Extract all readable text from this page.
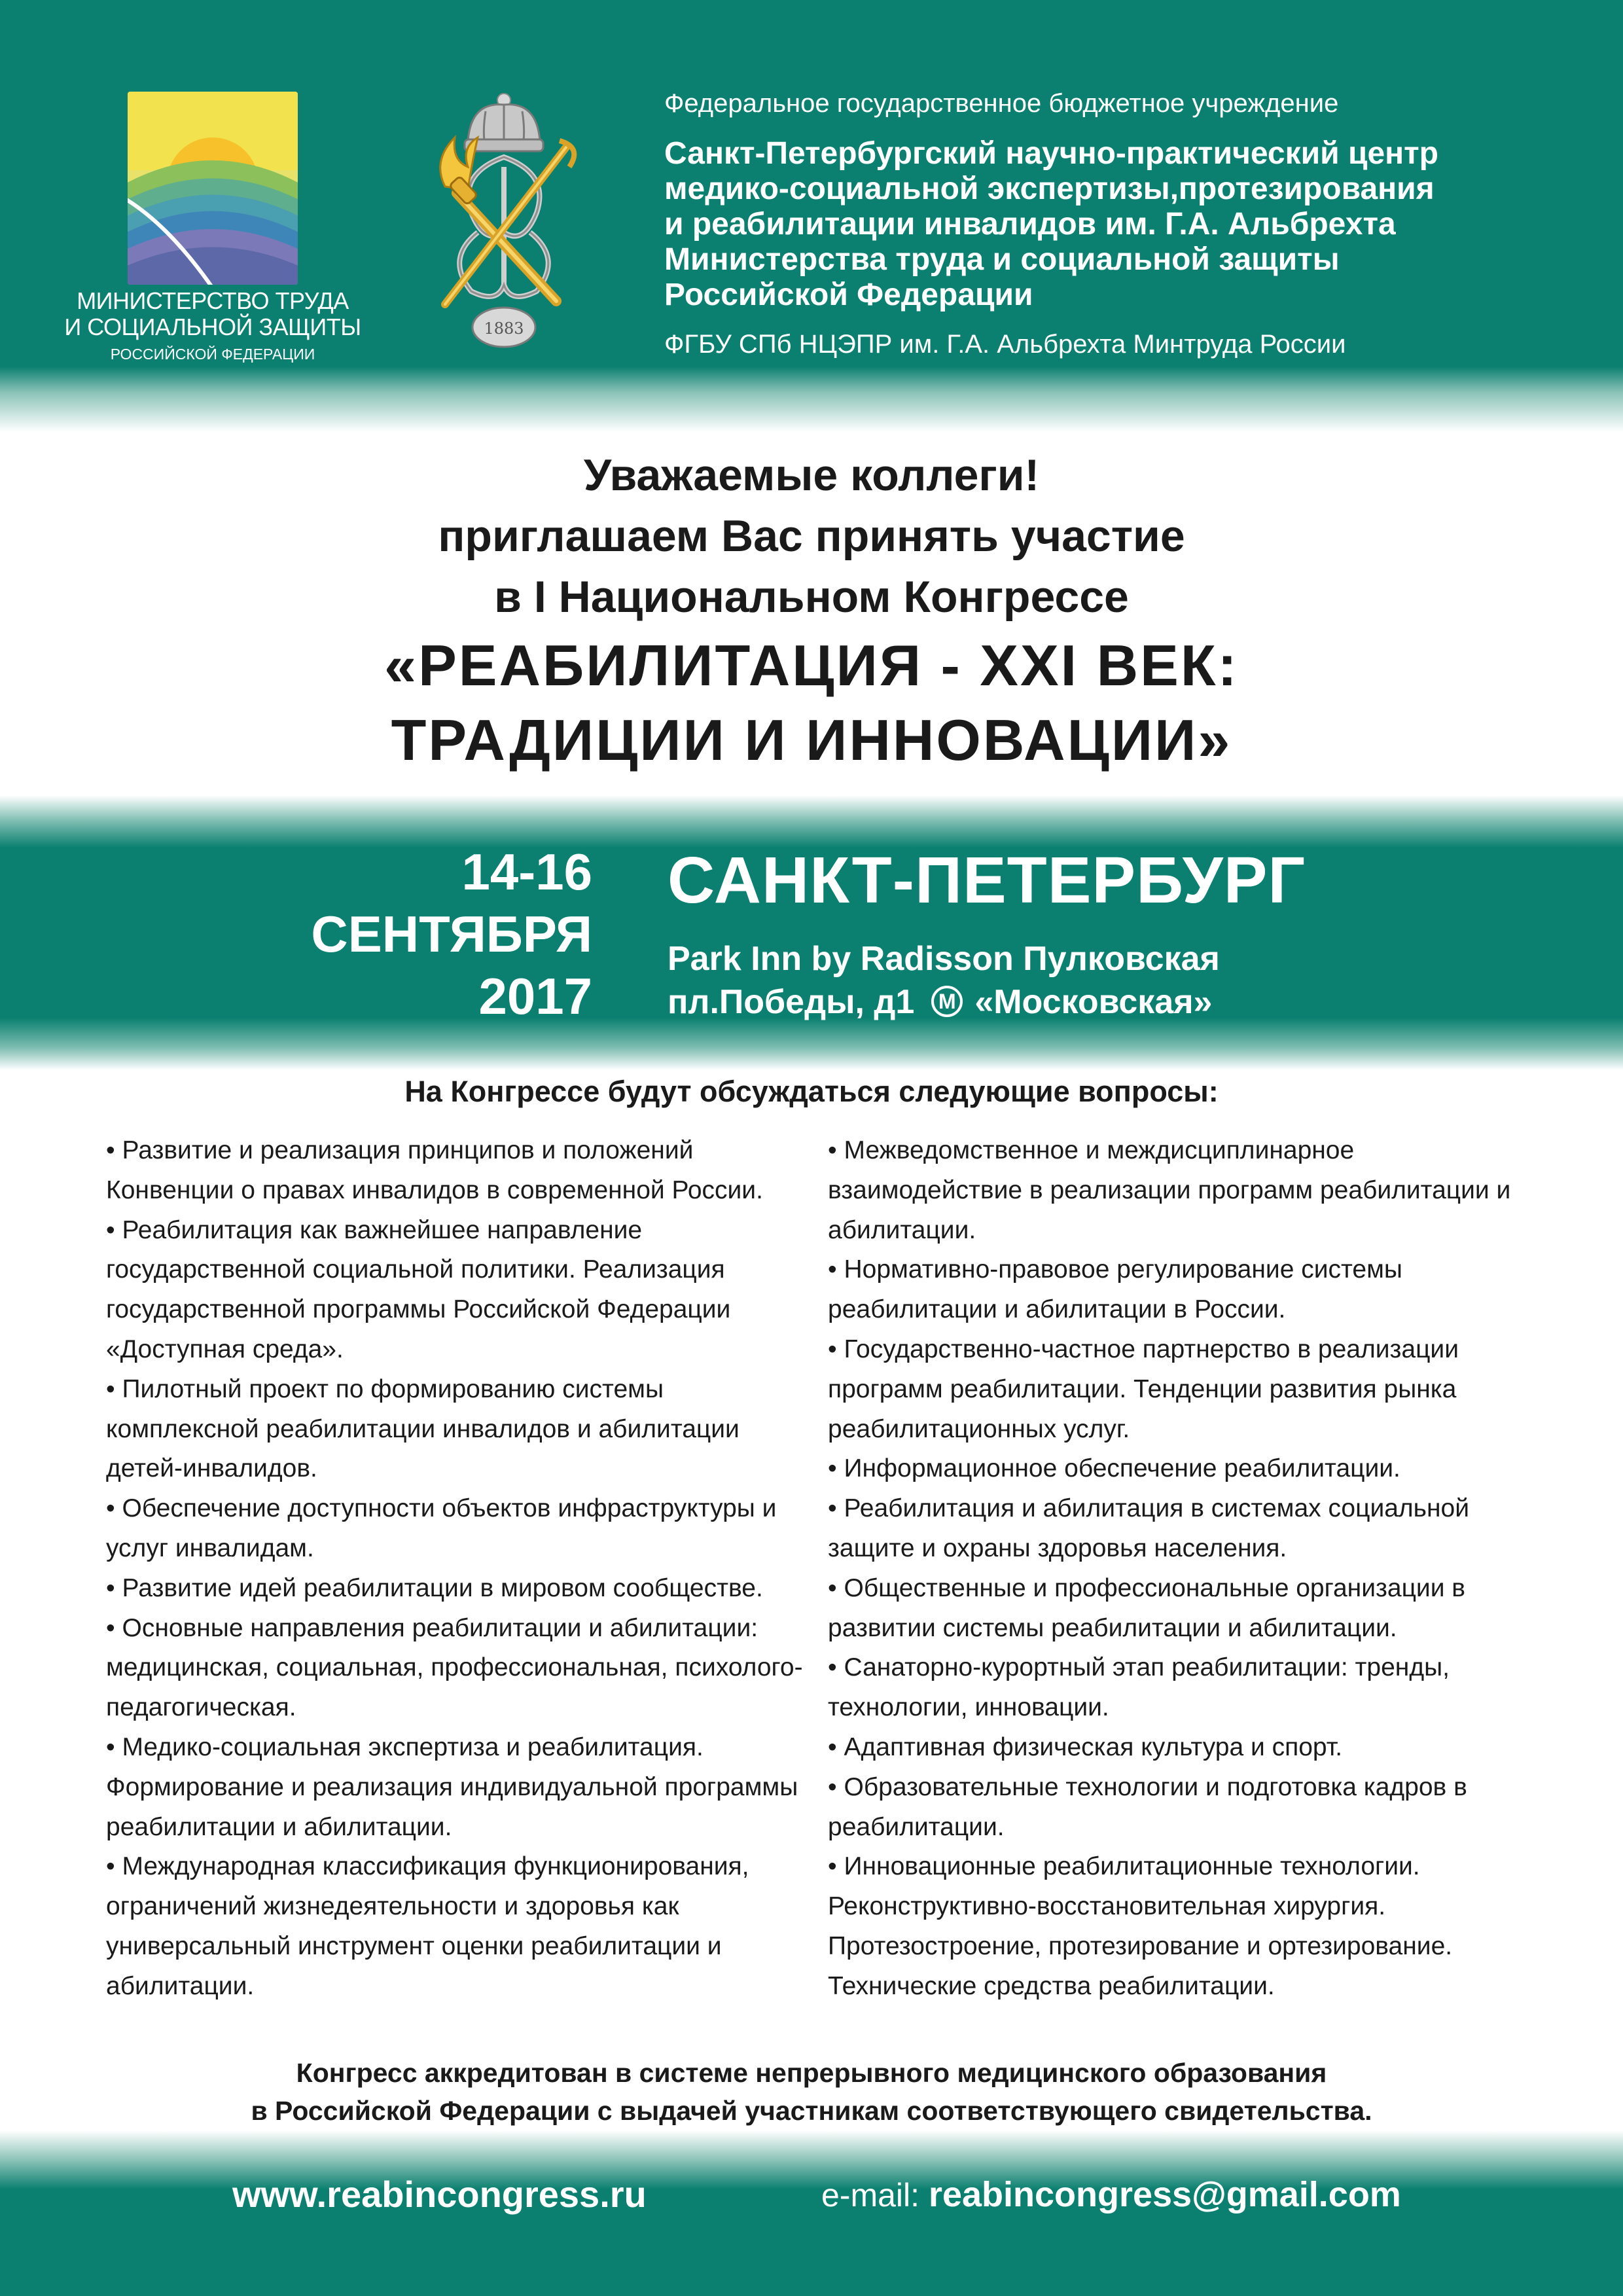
МИНИСТЕРСТВО ТРУДА
И СОЦИАЛЬНОЙ ЗАЩИТЫ
РОССИЙСКОЙ ФЕДЕРАЦИИ
1883
Федеральное государственное бюджетное учреждение
Санкт-Петербургский научно-практический центр
медико-социальной экспертизы,протезирования
и реабилитации инвалидов им. Г.А. Альбрехта
Министерства труда и социальной защиты
Российской Федерации
ФГБУ СПб НЦЭПР им. Г.А. Альбрехта Минтруда России
Уважаемые коллеги!
приглашаем Вас принять участие
в I Национальном Конгрессе
«РЕАБИЛИТАЦИЯ - XXI ВЕК:
ТРАДИЦИИ И ИННОВАЦИИ»
14-16
СЕНТЯБРЯ
2017
САНКТ-ПЕТЕРБУРГ
Park Inn by Radisson Пулковская
пл.Победы, д1 М «Московская»
На Конгрессе будут обсуждаться следующие вопросы:

• Развитие и реализация принципов и положений Конвенции о правах инвалидов в современной России.

• Реабилитация как важнейшее направление государственной социальной политики. Реализация государственной программы Российской Федерации «Доступная среда».

• Пилотный проект по формированию системы комплексной реабилитации инвалидов и абилитации детей-инвалидов.

• Обеспечение доступности объектов инфраструктуры и услуг инвалидам.

• Развитие идей реабилитации в мировом сообществе.

• Основные направления реабилитации и абилитации: медицинская, социальная, профессиональная, психолого-педагогическая.

• Медико-социальная экспертиза и реабилитация. Формирование и реализация индивидуальной программы реабилитации и абилитации.

• Международная классификация функционирования, ограничений жизнедеятельности и здоровья как универсальный инструмент оценки реабилитации и абилитации.

• Межведомственное и междисциплинарное взаимодействие в реализации программ реабилитации и абилитации.

• Нормативно-правовое регулирование системы реабилитации и абилитации в России.

• Государственно-частное партнерство в реализации программ реабилитации. Тенденции развития рынка реабилитационных услуг.

• Информационное обеспечение реабилитации.

• Реабилитация и абилитация в системах социальной защите и охраны здоровья населения.

• Общественные и профессиональные организации в развитии системы реабилитации и абилитации.

• Санаторно-курортный этап реабилитации: тренды, технологии, инновации.

• Адаптивная физическая культура и спорт.

• Образовательные технологии и подготовка кадров в реабилитации.

• Инновационные реабилитационные технологии. Реконструктивно-восстановительная хирургия. Протезостроение, протезирование и ортезирование. Технические средства реабилитации.

Конгресс аккредитован в системе непрерывного медицинского образования
в Российской Федерации с выдачей участникам соответствующего свидетельства.
www.reabincongress.ru	e-mail: reabincongress@gmail.com
